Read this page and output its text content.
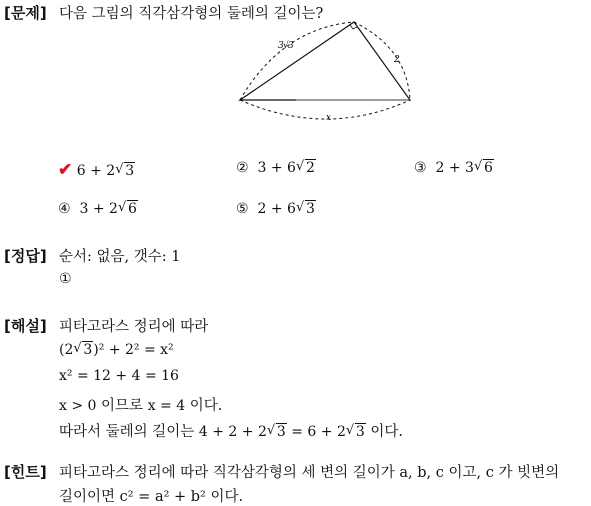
[문제] 다음 그림의 직각삼각형의 둘레의 길이는?
3 3
√
2
x
✔ 6 + 2 √ 3	② 3 + 6 √ 2	③ 2 + 3 √ 6
④ 3 + 2 √ 6	⑤ 2 + 6 √ 3
[정답] 순서: 없음, 갯수: 1
①
[해설] 피타고라스 정리에 따라
(2 √ 3)² + 2² = x²
x² = 12 + 4 = 16
x > 0 이므로 x = 4 이다.
따라서 둘레의 길이는 4 + 2 + 2 √ 3 = 6 + 2 √ 3 이다.
[힌트] 피타고라스 정리에 따라 직각삼각형의 세 변의 길이가 a, b, c 이고, c 가 빗변의
길이이면 c² = a² + b² 이다.
